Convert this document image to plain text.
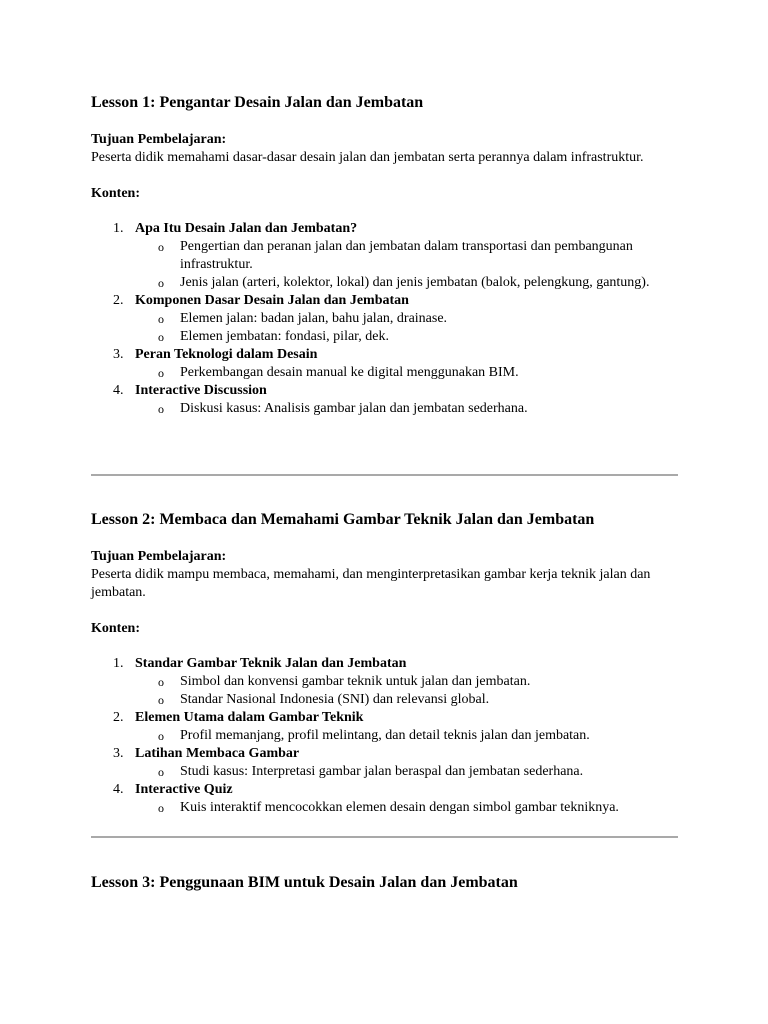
Lesson 1: Pengantar Desain Jalan dan Jembatan

Tujuan Pembelajaran:

Peserta didik memahami dasar-dasar desain jalan dan jembatan serta perannya dalam infrastruktur.

Konten:

1. Apa Itu Desain Jalan dan Jembatan?
o Pengertian dan peranan jalan dan jembatan dalam transportasi dan pembangunan infrastruktur.
o Jenis jalan (arteri, kolektor, lokal) dan jenis jembatan (balok, pelengkung, gantung).
2. Komponen Dasar Desain Jalan dan Jembatan
o Elemen jalan: badan jalan, bahu jalan, drainase.
o Elemen jembatan: fondasi, pilar, dek.
3. Peran Teknologi dalam Desain
o Perkembangan desain manual ke digital menggunakan BIM.
4. Interactive Discussion
o Diskusi kasus: Analisis gambar jalan dan jembatan sederhana.
Lesson 2: Membaca dan Memahami Gambar Teknik Jalan dan Jembatan

Tujuan Pembelajaran:

Peserta didik mampu membaca, memahami, dan menginterpretasikan gambar kerja teknik jalan dan jembatan.

Konten:

1. Standar Gambar Teknik Jalan dan Jembatan
o Simbol dan konvensi gambar teknik untuk jalan dan jembatan.
o Standar Nasional Indonesia (SNI) dan relevansi global.
2. Elemen Utama dalam Gambar Teknik
o Profil memanjang, profil melintang, dan detail teknis jalan dan jembatan.
3. Latihan Membaca Gambar
o Studi kasus: Interpretasi gambar jalan beraspal dan jembatan sederhana.
4. Interactive Quiz
o Kuis interaktif mencocokkan elemen desain dengan simbol gambar tekniknya.
Lesson 3: Penggunaan BIM untuk Desain Jalan dan Jembatan
